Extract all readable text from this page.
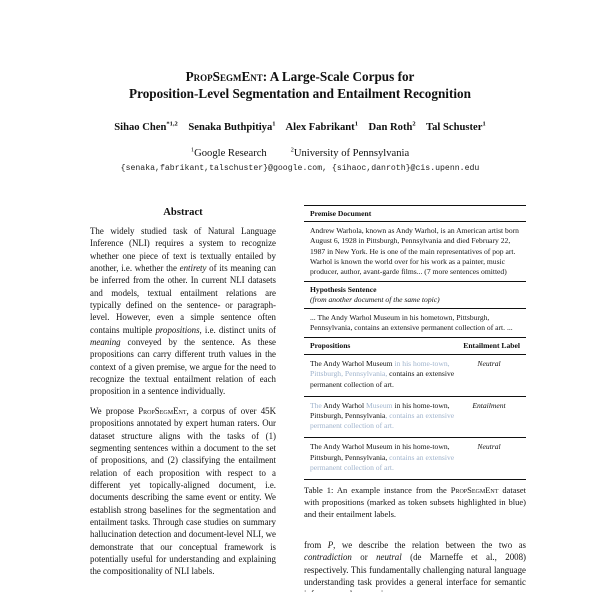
PropSegmEnt: A Large-Scale Corpus for
Proposition-Level Segmentation and Entailment Recognition
Sihao Chen$^{*1,2}$ Senaka Buthpitiya$^1$ Alex Fabrikant$^1$ Dan Roth$^2$ Tal Schuster$^1$
$^1$Google Research	$^2$University of Pennsylvania
{senaka,fabrikant,talschuster}@google.com, {sihaoc,danroth}@cis.upenn.edu
Abstract

The widely studied task of Natural Language Inference (NLI) requires a system to recognize whether one piece of text is textually entailed by another, i.e. whether the entirety of its meaning can be inferred from the other. In current NLI datasets and models, textual entailment relations are typically defined on the sentence- or paragraph-level. However, even a simple sentence often contains multiple propositions, i.e. distinct units of meaning conveyed by the sentence. As these propositions can carry different truth values in the context of a given premise, we argue for the need to recognize the textual entailment relation of each proposition in a sentence individually.

We propose PropSegmEnt, a corpus of over 45K propositions annotated by expert human raters. Our dataset structure aligns with the tasks of (1) segmenting sentences within a document to the set of propositions, and (2) classifying the entailment relation of each proposition with respect to a different yet topically-aligned document, i.e. documents describing the same event or entity. We establish strong baselines for the segmentation and entailment tasks. Through case studies on summary hallucination detection and document-level NLI, we demonstrate that our conceptual framework is potentially useful for understanding and explaining the compositionality of NLI labels.

Premise Document
Andrew Warhola, known as Andy Warhol, is an American artist born August 6, 1928 in Pittsburgh, Pennsylvania and died February 22, 1987 in New York. He is one of the main representatives of pop art. Warhol is known the world over for his work as a painter, music producer, author, avant-garde films... (7 more sentences omitted)
Hypothesis Sentence
(from another document of the same topic)
... The Andy Warhol Museum in his hometown, Pittsburgh, Pennsylvania, contains an extensive permanent collection of art. ...
Propositions	Entailment Label
The Andy Warhol Museum in his home-town, Pittsburgh, Pennsylvania, contains an extensive permanent collection of art.
Neutral
The Andy Warhol Museum in his home-town, Pittsburgh, Pennsylvania, contains an extensive permanent collection of art.
Entailment
The Andy Warhol Museum in his home-town, Pittsburgh, Pennsylvania, contains an extensive permanent collection of art.
Neutral
Table 1: An example instance from the PropSegmEnt dataset with propositions (marked as token subsets highlighted in blue) and their entailment labels.

from P, we describe the relation between the two as contradiction or neutral (de Marneffe et al., 2008) respectively. This fundamentally challenging natural language understanding task provides a general interface for semantic
